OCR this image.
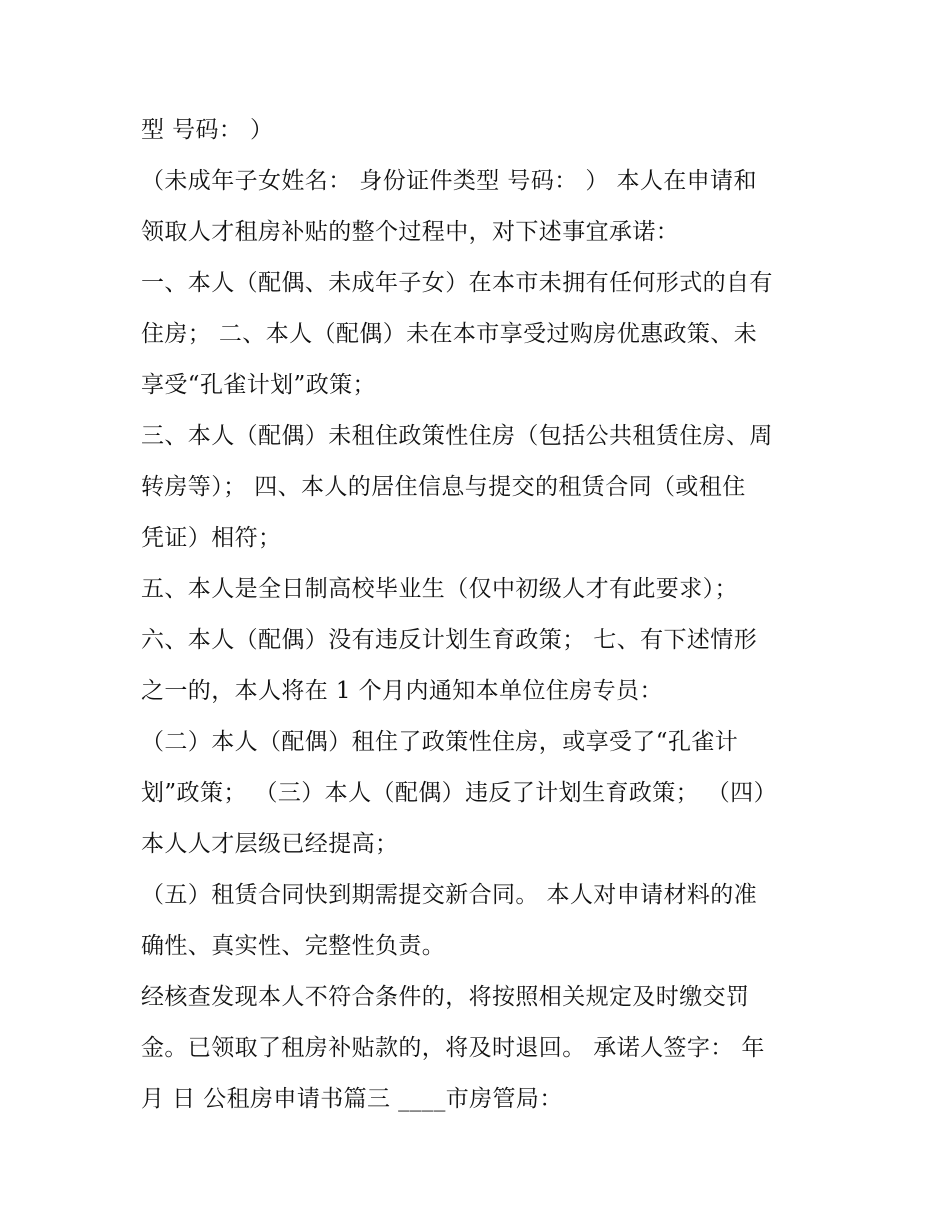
型 号码： ）
（未成年子女姓名： 身份证件类型 号码： ） 本人在申请和
领取人才租房补贴的整个过程中，对下述事宜承诺：
一、本人（配偶、未成年子女）在本市未拥有任何形式的自有
住房； 二、本人（配偶）未在本市享受过购房优惠政策、未
享受“孔雀计划”政策；
三、本人（配偶）未租住政策性住房（包括公共租赁住房、周
转房等）； 四、本人的居住信息与提交的租赁合同（或租住
凭证）相符；
五、本人是全日制高校毕业生（仅中初级人才有此要求）；
六、本人（配偶）没有违反计划生育政策； 七、有下述情形
之一的，本人将在 1 个月内通知本单位住房专员：
（二）本人（配偶）租住了政策性住房，或享受了“孔雀计
划”政策； （三）本人（配偶）违反了计划生育政策； （四）
本人人才层级已经提高；
（五）租赁合同快到期需提交新合同。 本人对申请材料的准
确性、真实性、完整性负责。
经核查发现本人不符合条件的，将按照相关规定及时缴交罚
金。已领取了租房补贴款的，将及时退回。 承诺人签字： 年
月 日 公租房申请书篇三 ____市房管局：
